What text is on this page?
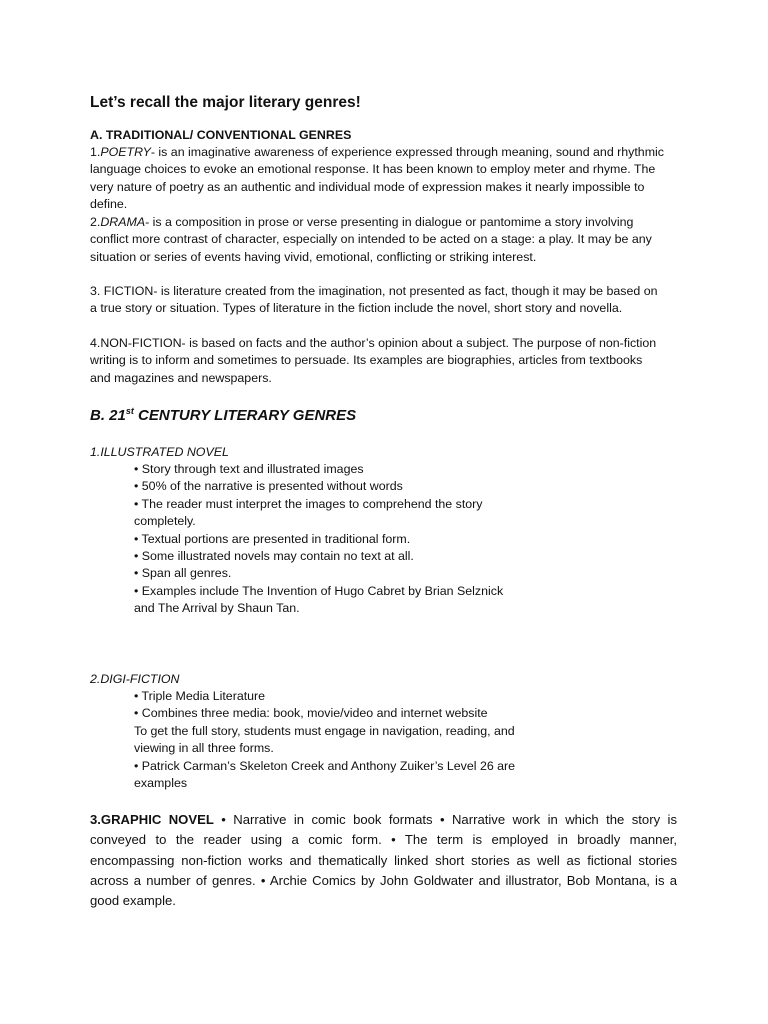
Let’s recall the major literary genres!
A. TRADITIONAL/ CONVENTIONAL GENRES
1.POETRY- is an imaginative awareness of experience expressed through meaning, sound and rhythmic
language choices to evoke an emotional response. It has been known to employ meter and rhyme. The
very nature of poetry as an authentic and individual mode of expression makes it nearly impossible to
define.
2.DRAMA- is a composition in prose or verse presenting in dialogue or pantomime a story involving
conflict more contrast of character, especially on intended to be acted on a stage: a play. It may be any
situation or series of events having vivid, emotional, conflicting or striking interest.
3. FICTION- is literature created from the imagination, not presented as fact, though it may be based on
a true story or situation. Types of literature in the fiction include the novel, short story and novella.
4.NON-FICTION- is based on facts and the author’s opinion about a subject. The purpose of non-fiction
writing is to inform and sometimes to persuade. Its examples are biographies, articles from textbooks
and magazines and newspapers.
B. 21st CENTURY LITERARY GENRES
1.ILLUSTRATED NOVEL
• Story through text and illustrated images
• 50% of the narrative is presented without words
• The reader must interpret the images to comprehend the story
completely.
• Textual portions are presented in traditional form.
• Some illustrated novels may contain no text at all.
• Span all genres.
• Examples include The Invention of Hugo Cabret by Brian Selznick
and The Arrival by Shaun Tan.
2.DIGI-FICTION
• Triple Media Literature
• Combines three media: book, movie/video and internet website
To get the full story, students must engage in navigation, reading, and
viewing in all three forms.
• Patrick Carman’s Skeleton Creek and Anthony Zuiker’s Level 26 are
examples
3.GRAPHIC NOVEL • Narrative in comic book formats • Narrative work in which the story is
conveyed to the reader using a comic form. • The term is employed in broadly manner,
encompassing non-fiction works and thematically linked short stories as well as fictional stories
across a number of genres. • Archie Comics by John Goldwater and illustrator, Bob Montana, is a
good example.
